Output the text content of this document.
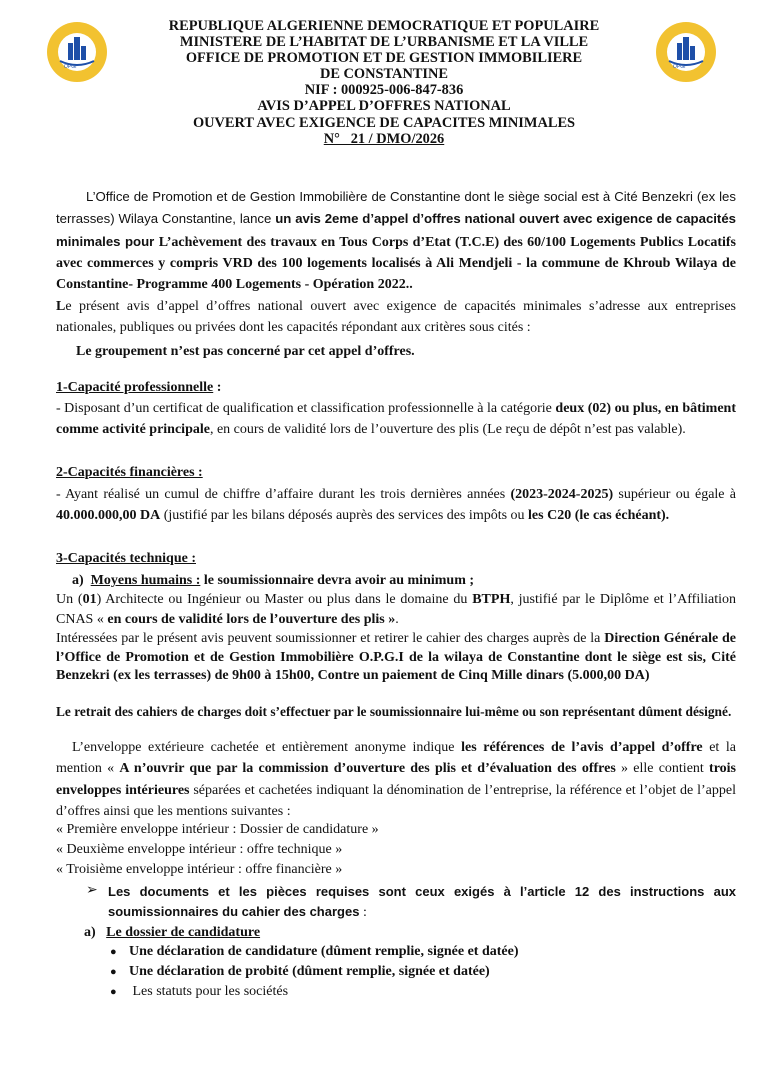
OPGI	OPGI
REPUBLIQUE ALGERIENNE DEMOCRATIQUE ET POPULAIRE
MINISTERE DE L’HABITAT DE L’URBANISME ET LA VILLE
OFFICE DE PROMOTION ET DE GESTION IMMOBILIERE
DE CONSTANTINE
NIF : 000925-006-847-836
AVIS D’APPEL D’OFFRES NATIONAL
OUVERT AVEC EXIGENCE DE CAPACITES MINIMALES
N°   21 / DMO/2026
L’Office de Promotion et de Gestion Immobilière de Constantine dont le siège social est à Cité Benzekri (ex les terrasses) Wilaya Constantine, lance un avis 2eme d’appel d’offres national ouvert avec exigence de capacités minimales pour L’achèvement des travaux en Tous Corps d’Etat (T.C.E) des 60/100 Logements Publics Locatifs avec commerces y compris VRD des 100 logements localisés à Ali Mendjeli - la commune de Khroub Wilaya de Constantine- Programme 400 Logements - Opération 2022..
Le présent avis d’appel d’offres national ouvert avec exigence de capacités minimales s’adresse aux entreprises nationales, publiques ou privées dont les capacités répondant aux critères sous cités :
Le groupement n’est pas concerné par cet appel d’offres.
1-Capacité professionnelle :
- Disposant d’un certificat de qualification et classification professionnelle à la catégorie deux (02) ou plus, en bâtiment comme activité principale, en cours de validité lors de l’ouverture des plis (Le reçu de dépôt n’est pas valable).
2-Capacités financières :
- Ayant réalisé un cumul de chiffre d’affaire durant les trois dernières années (2023-2024-2025) supérieur ou égale à 40.000.000,00 DA (justifié par les bilans déposés auprès des services des impôts ou les C20 (le cas échéant).
3-Capacités technique :
a) Moyens humains : le soumissionnaire devra avoir au minimum ;
Un (01) Architecte ou Ingénieur ou Master ou plus dans le domaine du BTPH, justifié par le Diplôme et l’Affiliation CNAS « en cours de validité lors de l’ouverture des plis ».
Intéressées par le présent avis peuvent soumissionner et retirer le cahier des charges auprès de la Direction Générale de l’Office de Promotion et de Gestion Immobilière O.P.G.I de la wilaya de Constantine dont le siège est sis, Cité Benzekri (ex les terrasses) de 9h00 à 15h00, Contre un paiement de Cinq Mille dinars (5.000,00 DA)
Le retrait des cahiers de charges doit s’effectuer par le soumissionnaire lui-même ou son représentant dûment désigné.
L’enveloppe extérieure cachetée et entièrement anonyme indique les références de l’avis d’appel d’offre et la mention « A n’ouvrir que par la commission d’ouverture des plis et d’évaluation des offres » elle contient trois enveloppes intérieures séparées et cachetées indiquant la dénomination de l’entreprise, la référence et l’objet de l’appel d’offres ainsi que les mentions suivantes :
« Première enveloppe intérieur : Dossier de candidature »
« Deuxième enveloppe intérieur : offre technique »
« Troisième enveloppe intérieur : offre financière »
➢ Les documents et les pièces requises sont ceux exigés à l’article 12 des instructions aux soumissionnaires du cahier des charges :
a) Le dossier de candidature
● Une déclaration de candidature (dûment remplie, signée et datée)
● Une déclaration de probité (dûment remplie, signée et datée)
● Les statuts pour les sociétés
